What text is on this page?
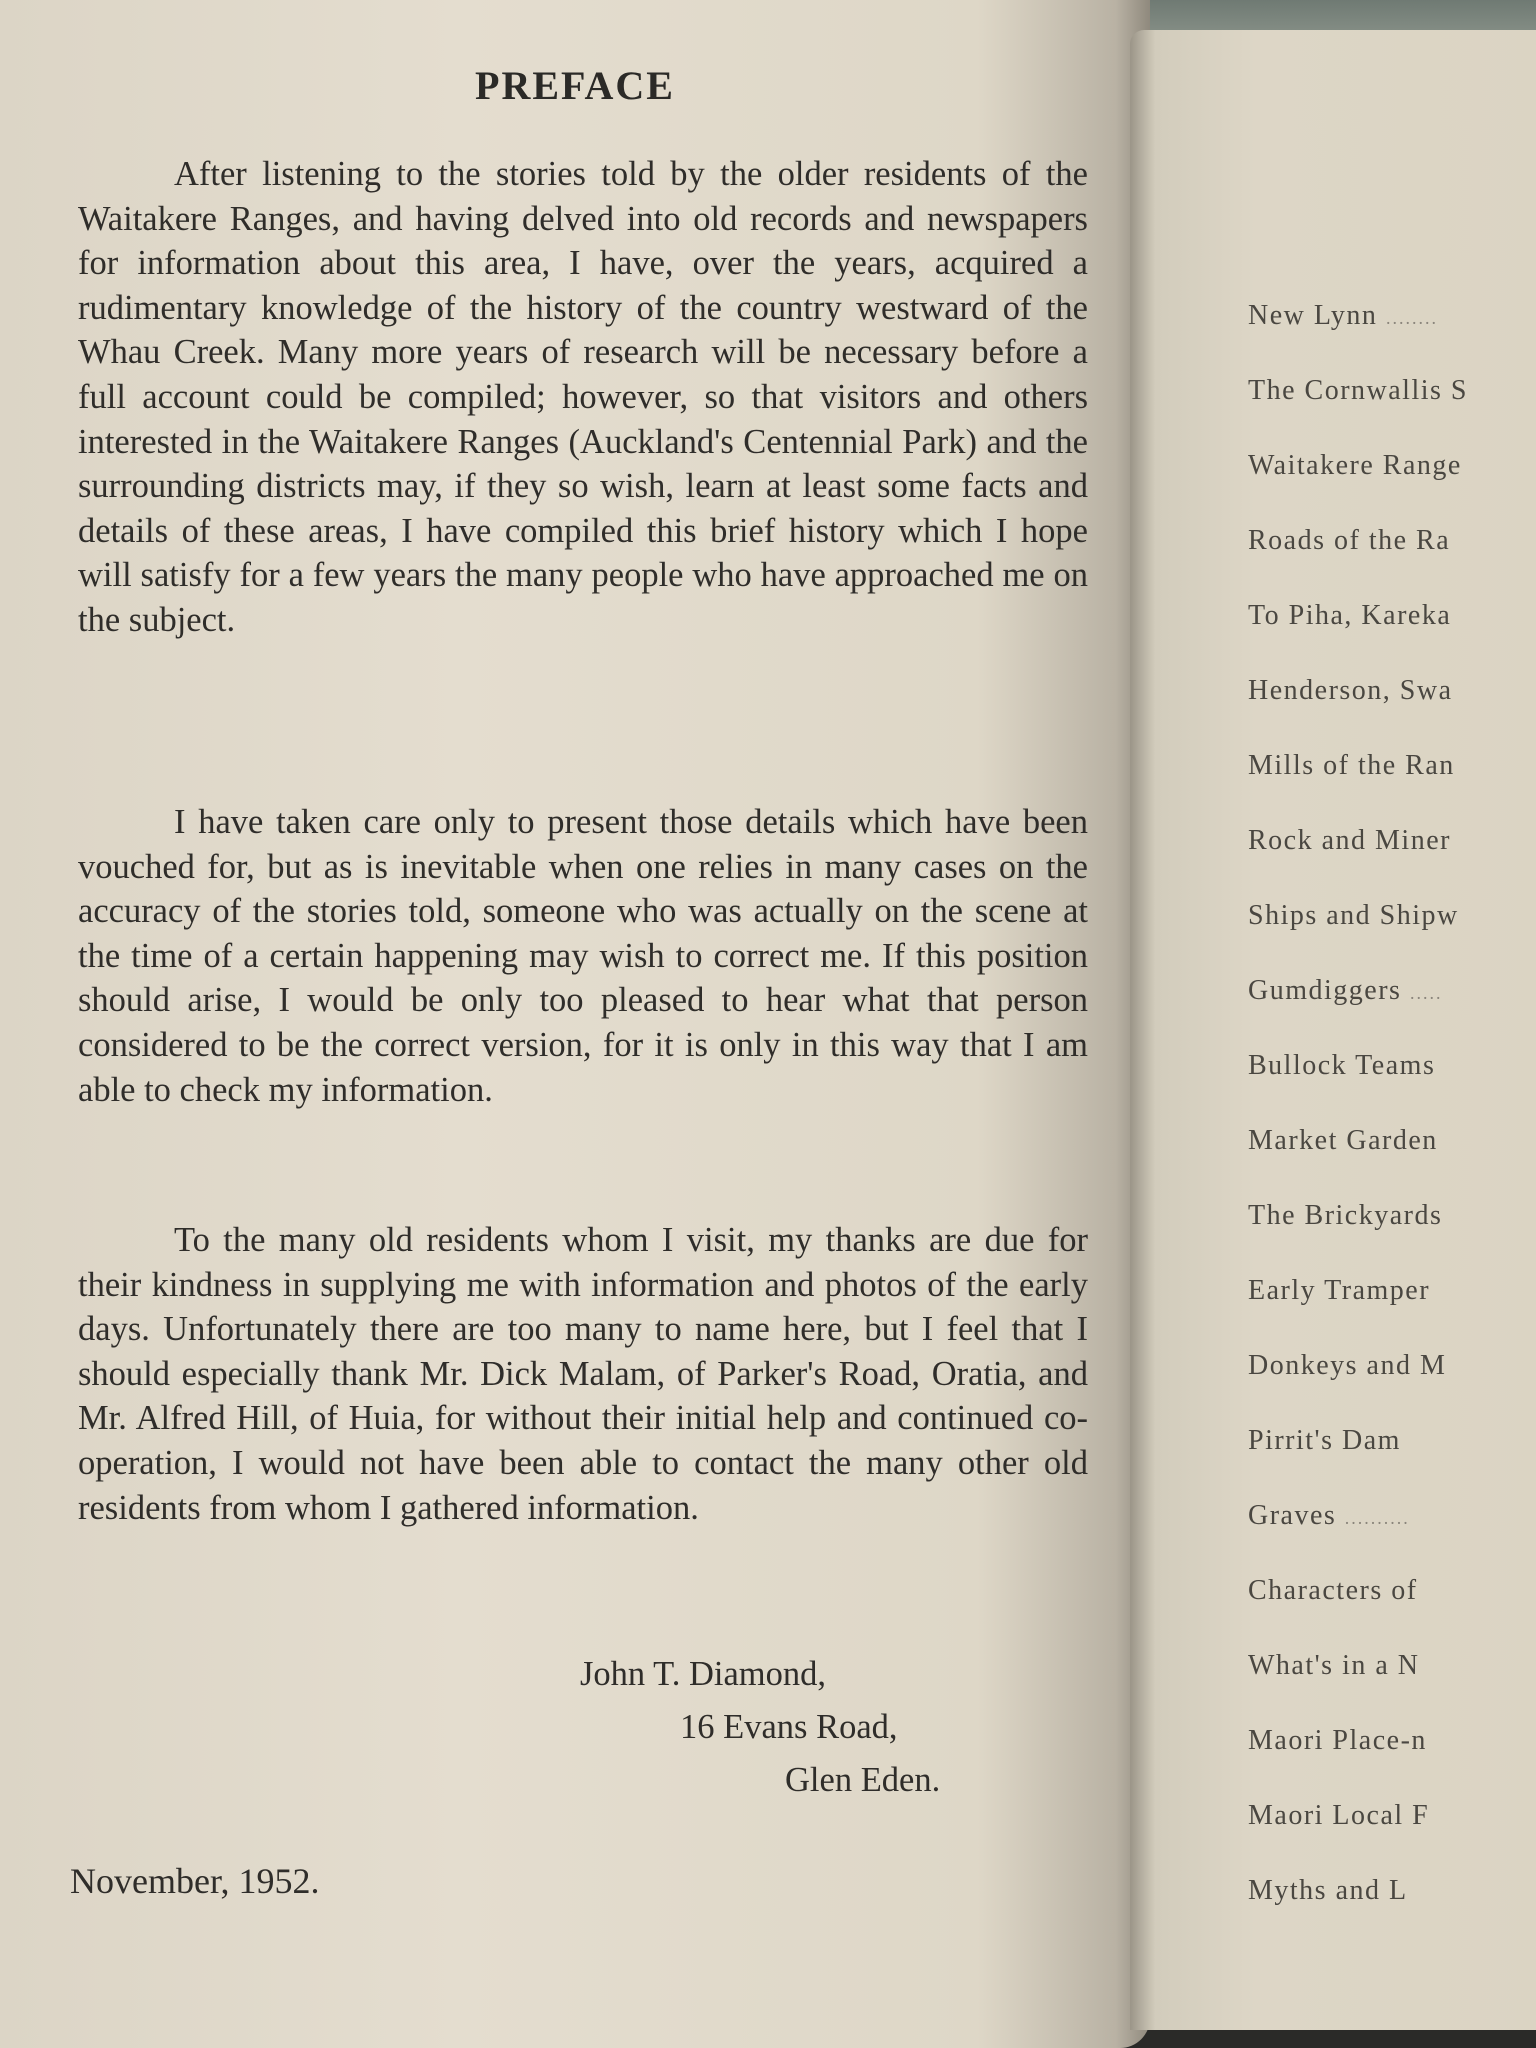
PREFACE

After listening to the stories told by the older residents of the Waitakere Ranges, and having delved into old records and newspapers for information about this area, I have, over the years, acquired a rudimentary knowledge of the history of the country westward of the Whau Creek. Many more years of research will be necessary before a full account could be compiled; however, so that visitors and others interested in the Waitakere Ranges (Auckland's Centennial Park) and the surrounding districts may, if they so wish, learn at least some facts and details of these areas, I have compiled this brief history which I hope will satisfy for a few years the many people who have approached me on the subject.

I have taken care only to present those details which have been vouched for, but as is inevitable when one relies in many cases on the accuracy of the stories told, someone who was actually on the scene at the time of a certain happening may wish to correct me. If this position should arise, I would be only too pleased to hear what that person considered to be the correct version, for it is only in this way that I am able to check my information.

To the many old residents whom I visit, my thanks are due for their kindness in supplying me with information and photos of the early days. Unfortunately there are too many to name here, but I feel that I should especially thank Mr. Dick Malam, of Parker's Road, Oratia, and Mr. Alfred Hill, of Huia, for without their initial help and continued co-operation, I would not have been able to contact the many other old residents from whom I gathered information.

John T. Diamond,

16 Evans Road,

Glen Eden.

November, 1952.

New Lynn ........
The Cornwallis S
Waitakere Range
Roads of the Ra
To Piha, Kareka
Henderson, Swa
Mills of the Ran
Rock and Miner
Ships and Shipw
Gumdiggers .....
Bullock Teams
Market Garden
The Brickyards
Early Tramper
Donkeys and M
Pirrit's Dam
Graves ..........
Characters of
What's in a N
Maori Place-n
Maori Local F
Myths and L
